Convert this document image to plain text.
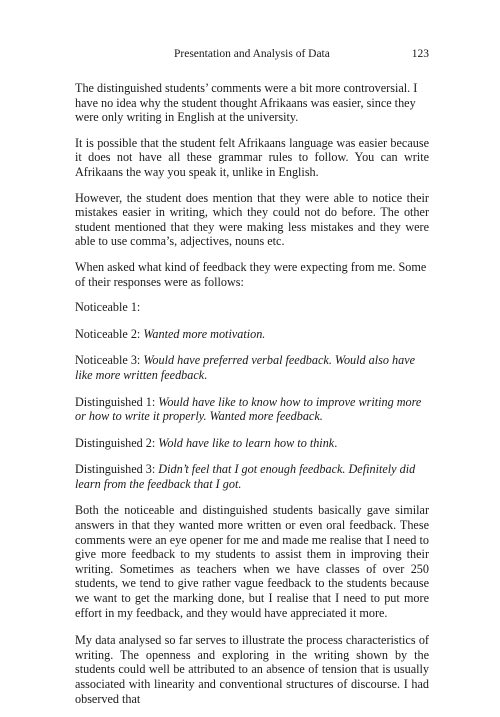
Presentation and Analysis of Data	123

The distinguished students’ comments were a bit more controversial. I have no idea why the student thought Afrikaans was easier, since they were only writing in English at the university.

It is possible that the student felt Afrikaans language was easier because it does not have all these grammar rules to follow. You can write Afrikaans the way you speak it, unlike in English.

However, the student does mention that they were able to notice their mistakes easier in writing, which they could not do before. The other student mentioned that they were making less mistakes and they were able to use comma’s, adjectives, nouns etc.

When asked what kind of feedback they were expecting from me. Some of their responses were as follows:

Noticeable 1:

Noticeable 2: Wanted more motivation.

Noticeable 3: Would have preferred verbal feedback. Would also have like more written feedback.

Distinguished 1: Would have like to know how to improve writing more or how to write it properly. Wanted more feedback.

Distinguished 2: Wold have like to learn how to think.

Distinguished 3: Didn’t feel that I got enough feedback. Definitely did learn from the feedback that I got.

Both the noticeable and distinguished students basically gave similar answers in that they wanted more written or even oral feedback. These comments were an eye opener for me and made me realise that I need to give more feedback to my students to assist them in improving their writing. Sometimes as teachers when we have classes of over 250 students, we tend to give rather vague feedback to the students because we want to get the marking done, but I realise that I need to put more effort in my feedback, and they would have appreciated it more.

My data analysed so far serves to illustrate the process characteristics of writing. The openness and exploring in the writing shown by the students could well be attributed to an absence of tension that is usually associated with linearity and conventional structures of discourse. I had observed that
